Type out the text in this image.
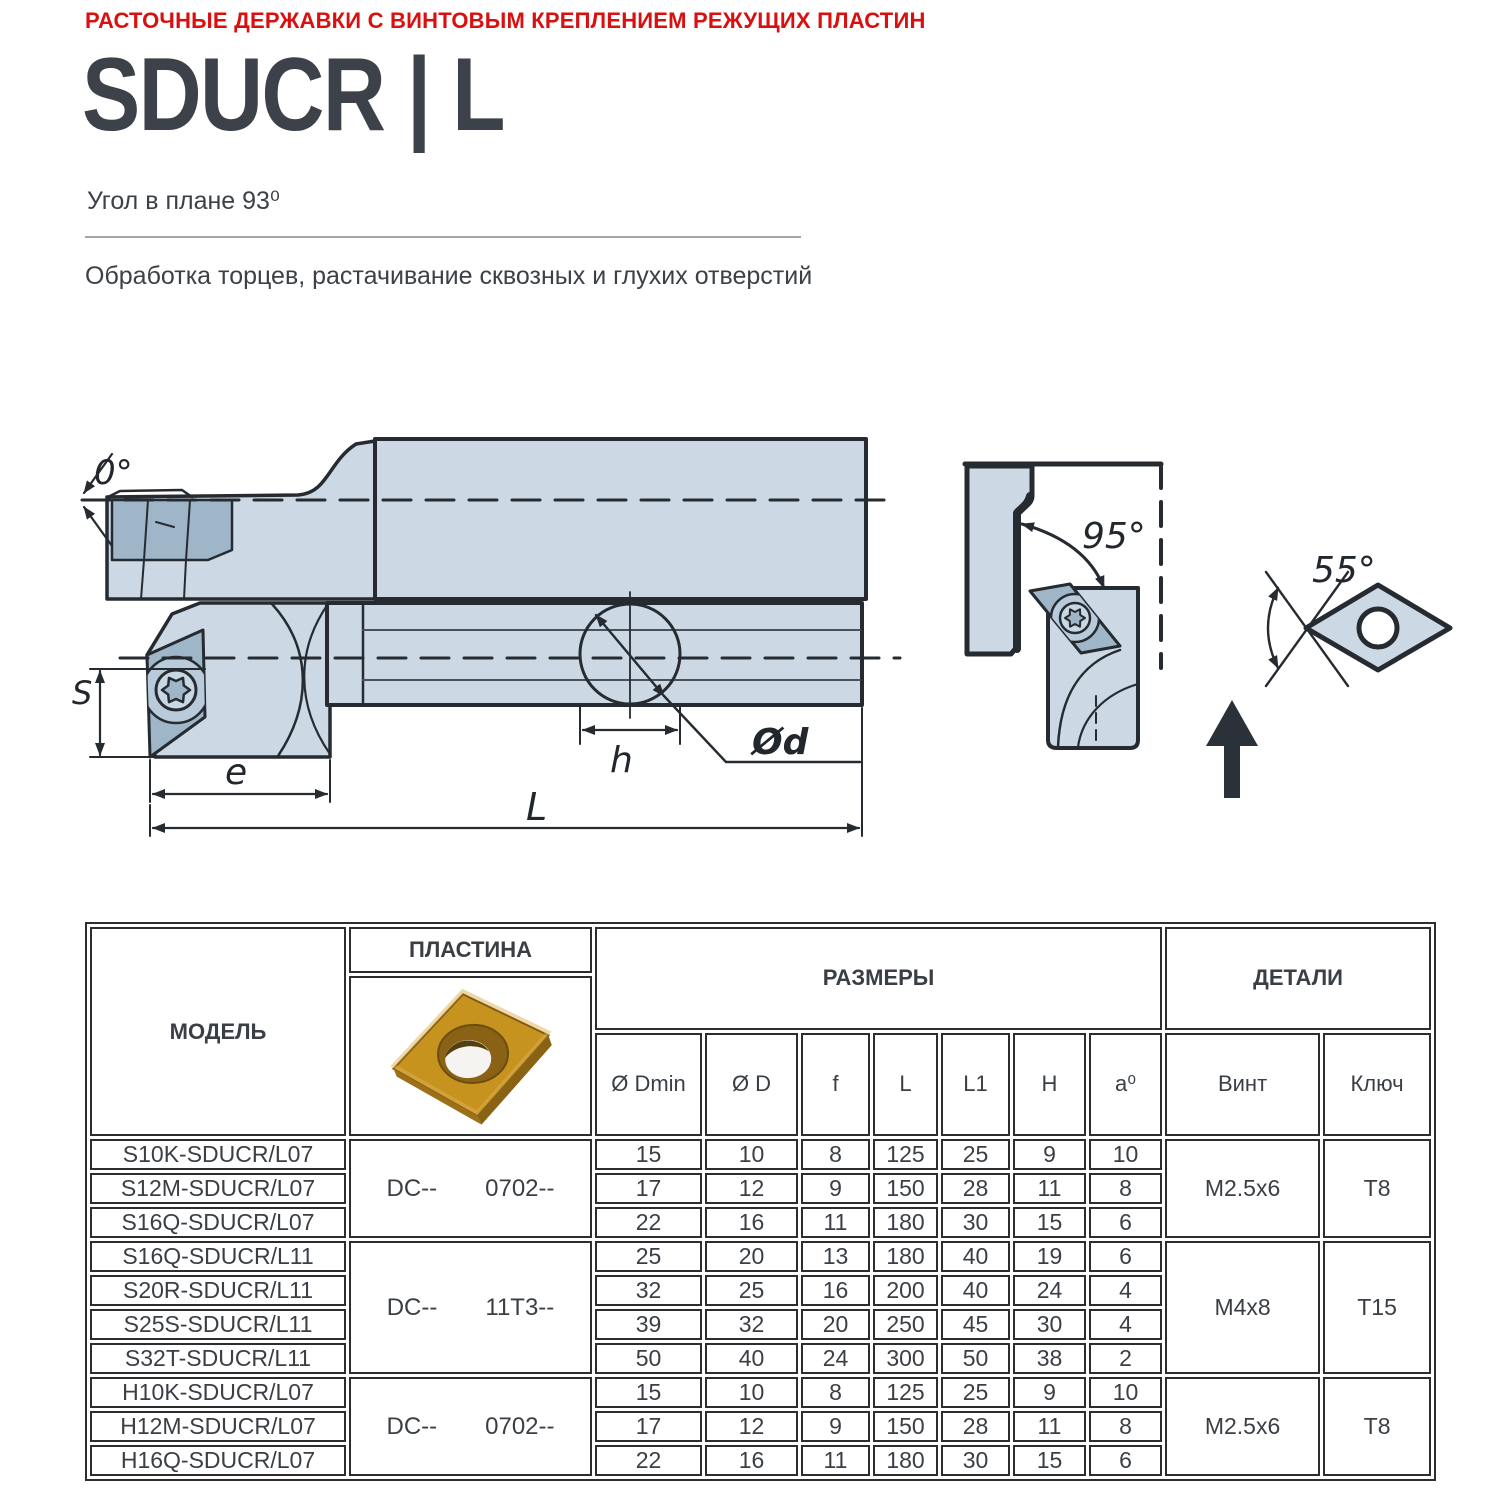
РАСТОЧНЫЕ ДЕРЖАВКИ С ВИНТОВЫМ КРЕПЛЕНИЕМ РЕЖУЩИХ ПЛАСТИН
SDUCR | L
Угол в плане 93⁰
Обработка торцев, растачивание сквозных и глухих отверстий
0°
S
e
L
h	Ød
95°
55°
МОДЕЛЬ	ПЛАСТИНА	РАЗМЕРЫ							ДЕТАЛИ	

		Ø Dmin	Ø D	f	L	L1	H	a⁰	Винт	Ключ
S10K-SDUCR/L07	DC-- 0702--	15	10	8	125	25	9	10	M2.5x6	T8
S12M-SDUCR/L07		17	12	9	150	28	11	8		
S16Q-SDUCR/L07		22	16	11	180	30	15	6		
S16Q-SDUCR/L11	DC-- 11T3--	25	20	13	180	40	19	6	M4x8	T15
S20R-SDUCR/L11		32	25	16	200	40	24	4		
S25S-SDUCR/L11		39	32	20	250	45	30	4		
S32T-SDUCR/L11		50	40	24	300	50	38	2		
H10K-SDUCR/L07	DC-- 0702--	15	10	8	125	25	9	10	M2.5x6	T8
H12M-SDUCR/L07		17	12	9	150	28	11	8		
H16Q-SDUCR/L07		22	16	11	180	30	15	6		
